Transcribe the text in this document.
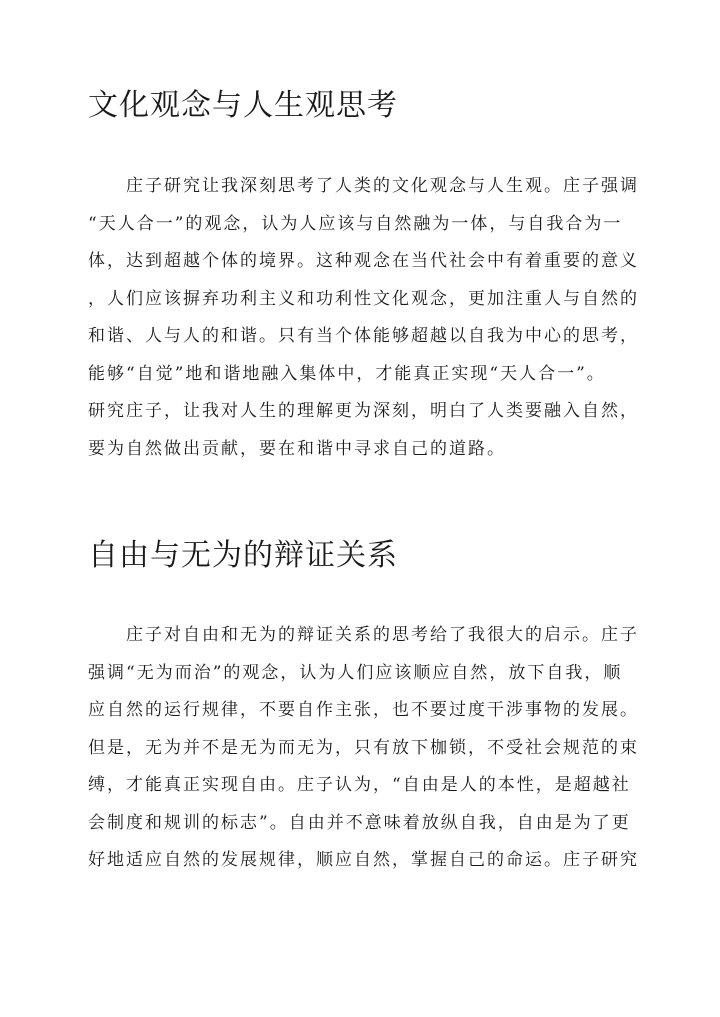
文化观念与人生观思考
　　庄子研究让我深刻思考了人类的文化观念与人生观。庄子强调
“天人合一”的观念，认为人应该与自然融为一体，与自我合为一
体，达到超越个体的境界。这种观念在当代社会中有着重要的意义
，人们应该摒弃功利主义和功利性文化观念，更加注重人与自然的
和谐、人与人的和谐。只有当个体能够超越以自我为中心的思考，
能够“自觉”地和谐地融入集体中，才能真正实现“天人合一”。
研究庄子，让我对人生的理解更为深刻，明白了人类要融入自然，
要为自然做出贡献，要在和谐中寻求自己的道路。
自由与无为的辩证关系
　　庄子对自由和无为的辩证关系的思考给了我很大的启示。庄子
强调“无为而治”的观念，认为人们应该顺应自然，放下自我，顺
应自然的运行规律，不要自作主张，也不要过度干涉事物的发展。
但是，无为并不是无为而无为，只有放下枷锁，不受社会规范的束
缚，才能真正实现自由。庄子认为，“自由是人的本性，是超越社
会制度和规训的标志”。自由并不意味着放纵自我，自由是为了更
好地适应自然的发展规律，顺应自然，掌握自己的命运。庄子研究
